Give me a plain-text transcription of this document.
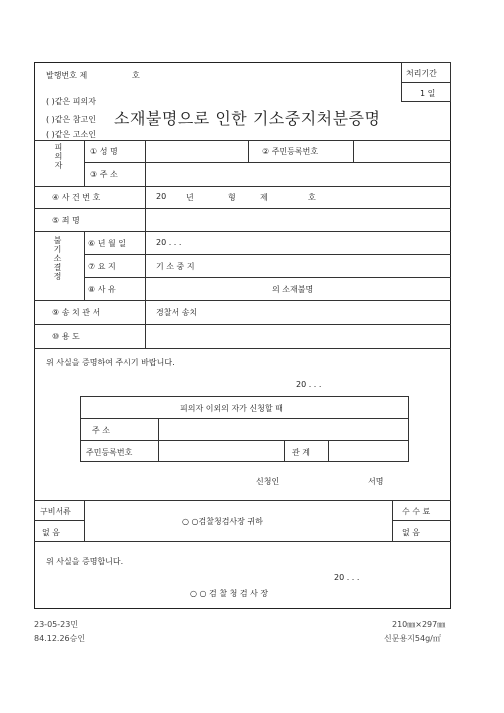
발행번호 제	호
( )같은 피의자
( )같은 참고인
( )같은 고소인
소재불명으로 인한 기소중지처분증명
처리기간
1 일
피의자	① 성 명	② 주민등록번호
③ 주 소
④ 사 건 번 호	20 년	형	제	호
⑤ 죄 명
불기소결정	⑥ 년 월 일	20 . . .
⑦ 요 지	기 소 중 지
⑧ 사 유	의 소재불명
⑨ 송 치 관 서	경찰서 송치
⑩ 용 도
위 사실을 증명하여 주시기 바랍니다.
20 . . .
피의자 이외의 자가 신청할 때
주 소
주민등록번호	관 계
신청인	서명
구비서류
없 음
○ ○검찰청검사장 귀하
수 수 료
없 음
위 사실을 증명합니다.
20 . . .
○ ○ 검 찰 청 검 사 장
23-05-23민
84.12.26승인
210㎜×297㎜
신문용지54g/㎡
